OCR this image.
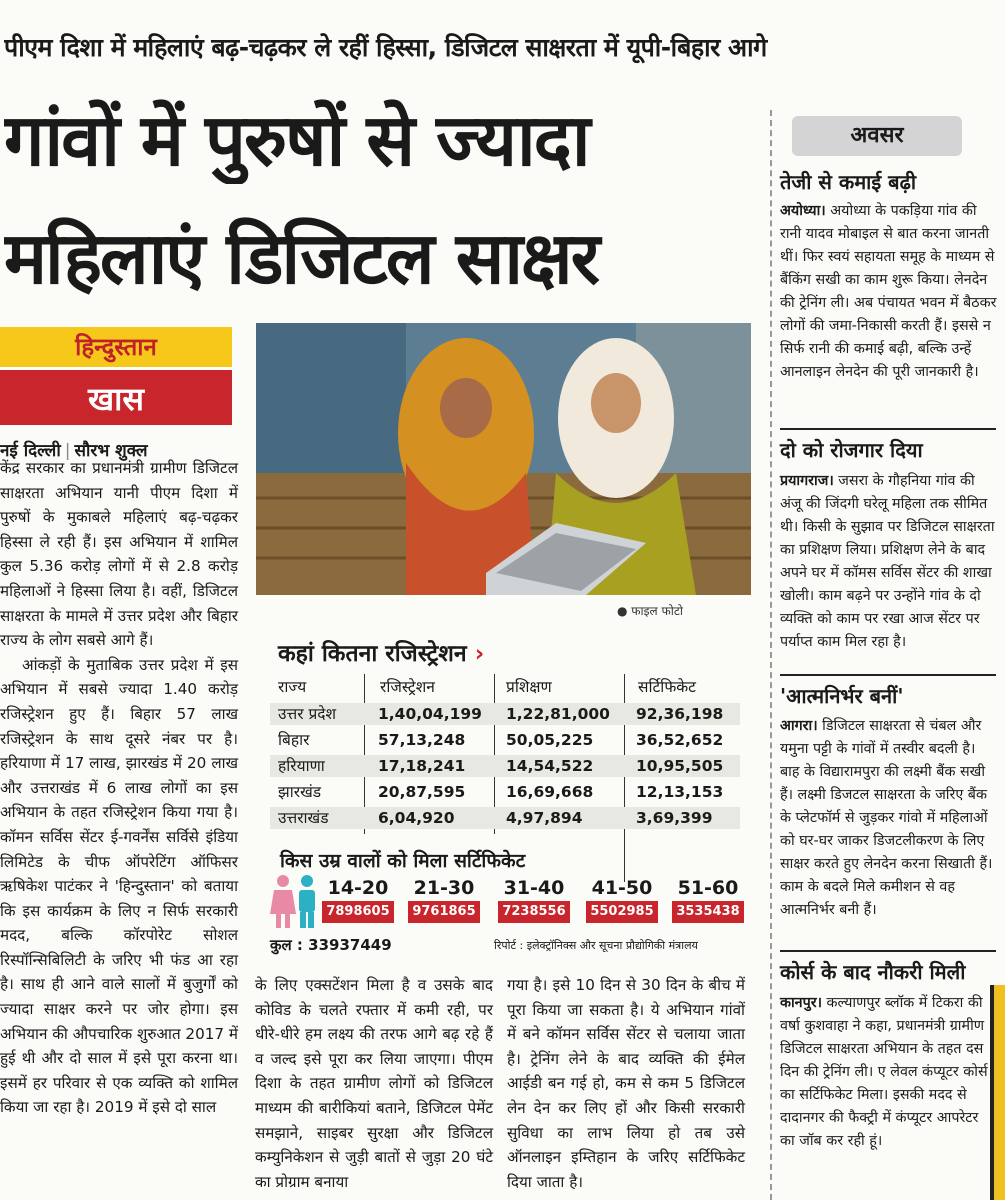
पीएम दिशा में महिलाएं बढ़-चढ़कर ले रहीं हिस्सा, डिजिटल साक्षरता में यूपी-बिहार आगे
गांवों में पुरुषों से ज्यादा
महिलाएं डिजिटल साक्षर
हिन्दुस्तान
खास
नई दिल्ली | सौरभ शुक्ल

केंद्र सरकार का प्रधानमंत्री ग्रामीण डिजिटल साक्षरता अभियान यानी पीएम दिशा में पुरुषों के मुकाबले महिलाएं बढ़-चढ़कर हिस्सा ले रही हैं। इस अभियान में शामिल कुल 5.36 करोड़ लोगों में से 2.8 करोड़ महिलाओं ने हिस्सा लिया है। वहीं, डिजिटल साक्षरता के मामले में उत्तर प्रदेश और बिहार राज्य के लोग सबसे आगे हैं।

आंकड़ों के मुताबिक उत्तर प्रदेश में इस अभियान में सबसे ज्यादा 1.40 करोड़ रजिस्ट्रेशन हुए हैं। बिहार 57 लाख रजिस्ट्रेशन के साथ दूसरे नंबर पर है। हरियाणा में 17 लाख, झारखंड में 20 लाख और उत्तराखंड में 6 लाख लोगों का इस अभियान के तहत रजिस्ट्रेशन किया गया है। कॉमन सर्विस सेंटर ई-गवर्नेंस सर्विसेे इंडिया लिमिटेड के चीफ ऑपरेटिंग ऑफिसर ऋषिकेश पाटंकर ने 'हिन्दुस्तान' को बताया कि इस कार्यक्रम के लिए न सिर्फ सरकारी मदद, बल्कि कॉरपोरेट सोशल रिस्पॉन्सिबिलिटी के जरिए भी फंड आ रहा है। साथ ही आने वाले सालों में बुजुर्गों को ज्यादा साक्षर करने पर जोर होगा। इस अभियान की औपचारिक शुरुआत 2017 में हुई थी और दो साल में इसे पूरा करना था। इसमें हर परिवार से एक व्यक्ति को शामिल किया जा रहा है। 2019 में इसे दो साल

● फाइल फोटो
कहां कितना रजिस्ट्रेशन ›
राज्य	रजिस्ट्रेशन	प्रशिक्षण	सर्टिफिकेट
उत्तर प्रदेश	1,40,04,199 1,22,81,000 92,36,198
बिहार	57,13,248	50,05,225	36,52,652
हरियाणा	17,18,241	14,54,522	10,95,505
झारखंड	20,87,595	16,69,668	12,13,153
उत्तराखंड	6,04,920	4,97,894	3,69,399
किस उम्र वालों को मिला सर्टिफिकेट
14-20
7898605
21-30
9761865
31-40
7238556
41-50
5502985
51-60
3535438
कुल : 33937449	रिपोर्ट : इलेक्ट्रॉनिक्स और सूचना प्रौद्योगिकी मंत्रालय
के लिए एक्सटेंशन मिला है व उसके बाद कोविड के चलते रफ्तार में कमी रही, पर धीरे-धीरे हम लक्ष्य की तरफ आगे बढ़ रहे हैं व जल्द इसे पूरा कर लिया जाएगा। पीएम दिशा के तहत ग्रामीण लोगों को डिजिटल माध्यम की बारीकियां बताने, डिजिटल पेमेंट समझाने, साइबर सुरक्षा और डिजिटल कम्युनिकेशन से जुड़ी बातों से जुड़ा 20 घंटे का प्रोग्राम बनाया
गया है। इसे 10 दिन से 30 दिन के बीच में पूरा किया जा सकता है। ये अभियान गांवों में बने कॉमन सर्विस सेंटर से चलाया जाता है। ट्रेनिंग लेने के बाद व्यक्ति की ईमेल आईडी बन गई हो, कम से कम 5 डिजिटल लेन देन कर लिए हों और किसी सरकारी सुविधा का लाभ लिया हो तब उसे ऑनलाइन इम्तिहान के जरिए सर्टिफिकेट दिया जाता है।
अवसर
तेजी से कमाई बढ़ी
अयोध्या। अयोध्या के पकड़िया गांव की रानी यादव मोबाइल से बात करना जानती थीं। फिर स्वयं सहायता समूह के माध्यम से बैंकिंग सखी का काम शुरू किया। लेनदेन की ट्रेनिंग ली। अब पंचायत भवन में बैठकर लोगों की जमा-निकासी करती हैं। इससे न सिर्फ रानी की कमाई बढ़ी, बल्कि उन्हें आनलाइन लेनदेन की पूरी जानकारी है।
दो को रोजगार दिया
प्रयागराज। जसरा के गौहनिया गांव की अंजू की जिंदगी घरेलू महिला तक सीमित थी। किसी के सुझाव पर डिजिटल साक्षरता का प्रशिक्षण लिया। प्रशिक्षण लेने के बाद अपने घर में कॉमस सर्विस सेंटर की शाखा खोली। काम बढ़ने पर उन्होंने गांव के दो व्यक्ति को काम पर रखा आज सेंटर पर पर्याप्त काम मिल रहा है।
'आत्मनिर्भर बनीं'
आगरा। डिजिटल साक्षरता से चंबल और यमुना पट्टी के गांवों में तस्वीर बदली है। बाह के विद्यारामपुरा की लक्ष्मी बैंक सखी हैं। लक्ष्मी डिजटल साक्षरता के जरिए बैंक के प्लेटफॉर्म से जुड़कर गांवो में महिलाओं को घर-घर जाकर डिजटलीकरण के लिए साक्षर करते हुए लेनदेन करना सिखाती हैं। काम के बदले मिले कमीशन से वह आत्मनिर्भर बनी हैं।
कोर्स के बाद नौकरी मिली
कानपुर। कल्याणपुर ब्लॉक में टिकरा की वर्षा कुशवाहा ने कहा, प्रधानमंत्री ग्रामीण डिजिटल साक्षरता अभियान के तहत दस दिन की ट्रेनिंग ली। ए लेवल कंप्यूटर कोर्स का सर्टिफिकेट मिला। इसकी मदद से दादानगर की फैक्ट्री में कंप्यूटर आपरेटर का जॉब कर रही हूं।
